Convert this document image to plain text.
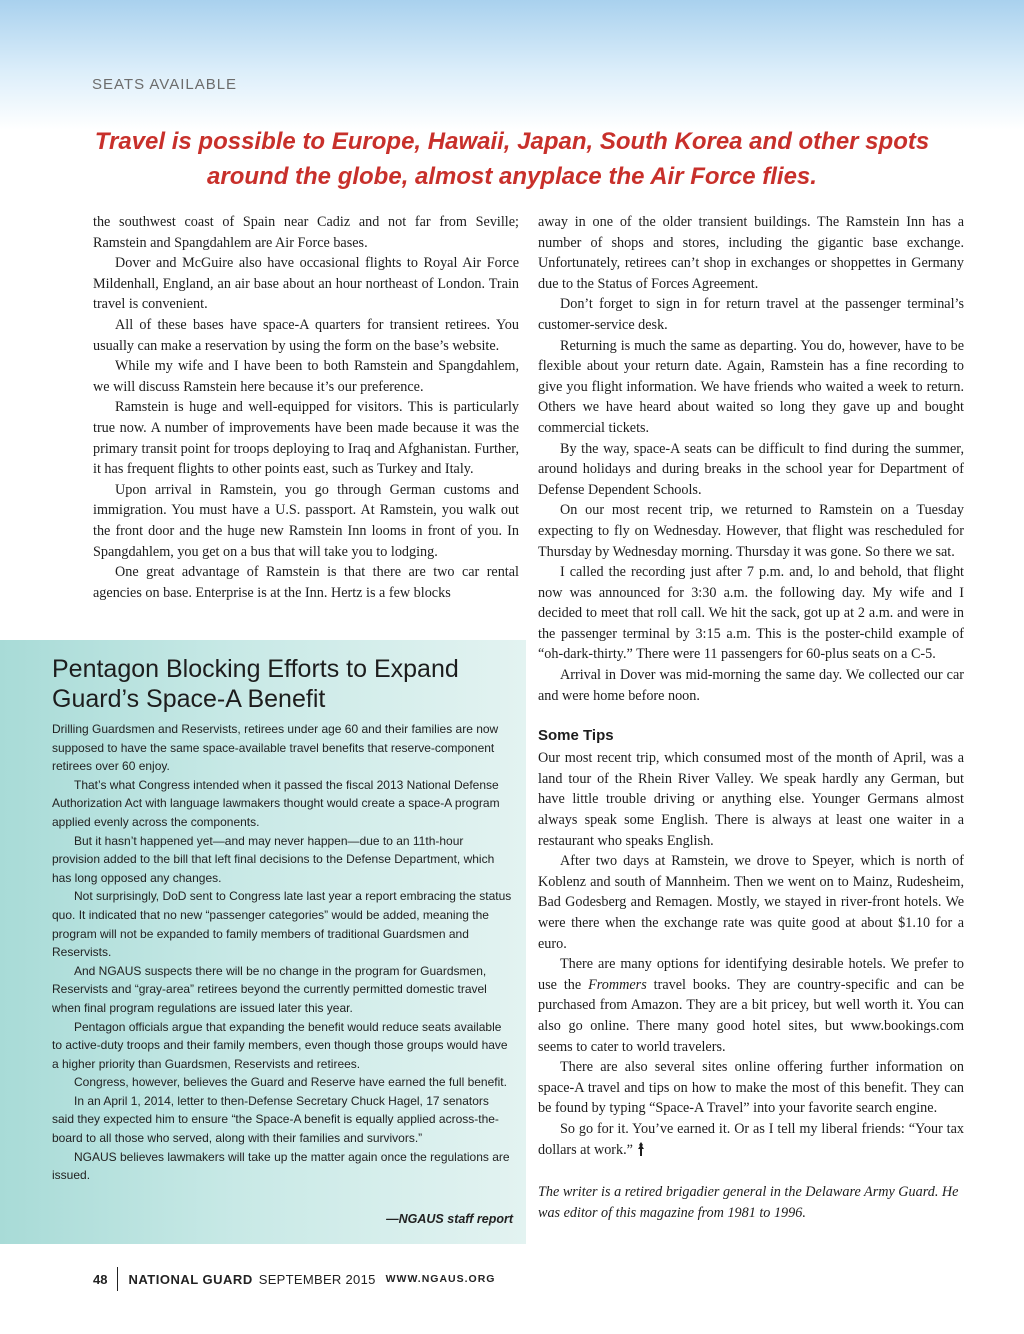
SEATS AVAILABLE
Travel is possible to Europe, Hawaii, Japan, South Korea and other spots around the globe, almost anyplace the Air Force flies.

the southwest coast of Spain near Cadiz and not far from Seville; Ramstein and Spangdahlem are Air Force bases.

Dover and McGuire also have occasional flights to Royal Air Force Mildenhall, England, an air base about an hour northeast of London. Train travel is convenient.

All of these bases have space-A quarters for transient retirees. You usually can make a reservation by using the form on the base’s website.

While my wife and I have been to both Ramstein and Spangdahlem, we will discuss Ramstein here because it’s our preference.

Ramstein is huge and well-equipped for visitors. This is particularly true now. A number of improvements have been made because it was the primary transit point for troops deploying to Iraq and Afghanistan. Further, it has frequent flights to other points east, such as Turkey and Italy.

Upon arrival in Ramstein, you go through German customs and immigration. You must have a U.S. passport. At Ramstein, you walk out the front door and the huge new Ramstein Inn looms in front of you. In Spangdahlem, you get on a bus that will take you to lodging.

One great advantage of Ramstein is that there are two car rental agencies on base. Enterprise is at the Inn. Hertz is a few blocks

away in one of the older transient buildings. The Ramstein Inn has a number of shops and stores, including the gigantic base exchange. Unfortunately, retirees can’t shop in exchanges or shoppettes in Germany due to the Status of Forces Agreement.

Don’t forget to sign in for return travel at the passenger terminal’s customer-service desk.

Returning is much the same as departing. You do, however, have to be flexible about your return date. Again, Ramstein has a fine recording to give you flight information. We have friends who waited a week to return. Others we have heard about waited so long they gave up and bought commercial tickets.

By the way, space-A seats can be difficult to find during the summer, around holidays and during breaks in the school year for Department of Defense Dependent Schools.

On our most recent trip, we returned to Ramstein on a Tuesday expecting to fly on Wednesday. However, that flight was rescheduled for Thursday by Wednesday morning. Thursday it was gone. So there we sat.

I called the recording just after 7 p.m. and, lo and behold, that flight now was announced for 3:30 a.m. the following day. My wife and I decided to meet that roll call. We hit the sack, got up at 2 a.m. and were in the passenger terminal by 3:15 a.m. This is the poster-child example of “oh-dark-thirty.” There were 11 passengers for 60-plus seats on a C-5.

Arrival in Dover was mid-morning the same day. We collected our car and were home before noon.

Some Tips

Our most recent trip, which consumed most of the month of April, was a land tour of the Rhein River Valley. We speak hardly any German, but have little trouble driving or anything else. Younger Germans almost always speak some English. There is always at least one waiter in a restaurant who speaks English.

After two days at Ramstein, we drove to Speyer, which is north of Koblenz and south of Mannheim. Then we went on to Mainz, Rudesheim, Bad Godesberg and Remagen. Mostly, we stayed in river-front hotels. We were there when the exchange rate was quite good at about $1.10 for a euro.

There are many options for identifying desirable hotels. We prefer to use the Frommers travel books. They are country-specific and can be purchased from Amazon. They are a bit pricey, but well worth it. You can also go online. There many good hotel sites, but www.bookings.com seems to cater to world travelers.

There are also several sites online offering further information on space-A travel and tips on how to make the most of this benefit. They can be found by typing “Space-A Travel” into your favorite search engine.

So go for it. You’ve earned it. Or as I tell my liberal friends: “Your tax dollars at work.”

The writer is a retired brigadier general in the Delaware Army Guard. He was editor of this magazine from 1981 to 1996.

Pentagon Blocking Efforts to Expand Guard’s Space-A Benefit

Drilling Guardsmen and Reservists, retirees under age 60 and their families are now supposed to have the same space-available travel benefits that reserve-component retirees over 60 enjoy.

That’s what Congress intended when it passed the fiscal 2013 National Defense Authorization Act with language lawmakers thought would create a space-A program applied evenly across the components.

But it hasn’t happened yet—and may never happen—due to an 11th-hour provision added to the bill that left final decisions to the Defense Department, which has long opposed any changes.

Not surprisingly, DoD sent to Congress late last year a report embracing the status quo. It indicated that no new “passenger categories” would be added, meaning the program will not be expanded to family members of traditional Guardsmen and Reservists.

And NGAUS suspects there will be no change in the program for Guardsmen, Reservists and “gray-area” retirees beyond the currently permitted domestic travel when final program regulations are issued later this year.

Pentagon officials argue that expanding the benefit would reduce seats available to active-duty troops and their family members, even though those groups would have a higher priority than Guardsmen, Reservists and retirees.

Congress, however, believes the Guard and Reserve have earned the full benefit.

In an April 1, 2014, letter to then-Defense Secretary Chuck Hagel, 17 senators said they expected him to ensure “the Space-A benefit is equally applied across-the-board to all those who served, along with their families and survivors.”

NGAUS believes lawmakers will take up the matter again once the regulations are issued.

—NGAUS staff report
48 NATIONAL GUARD SEPTEMBER 2015 WWW.NGAUS.ORG
